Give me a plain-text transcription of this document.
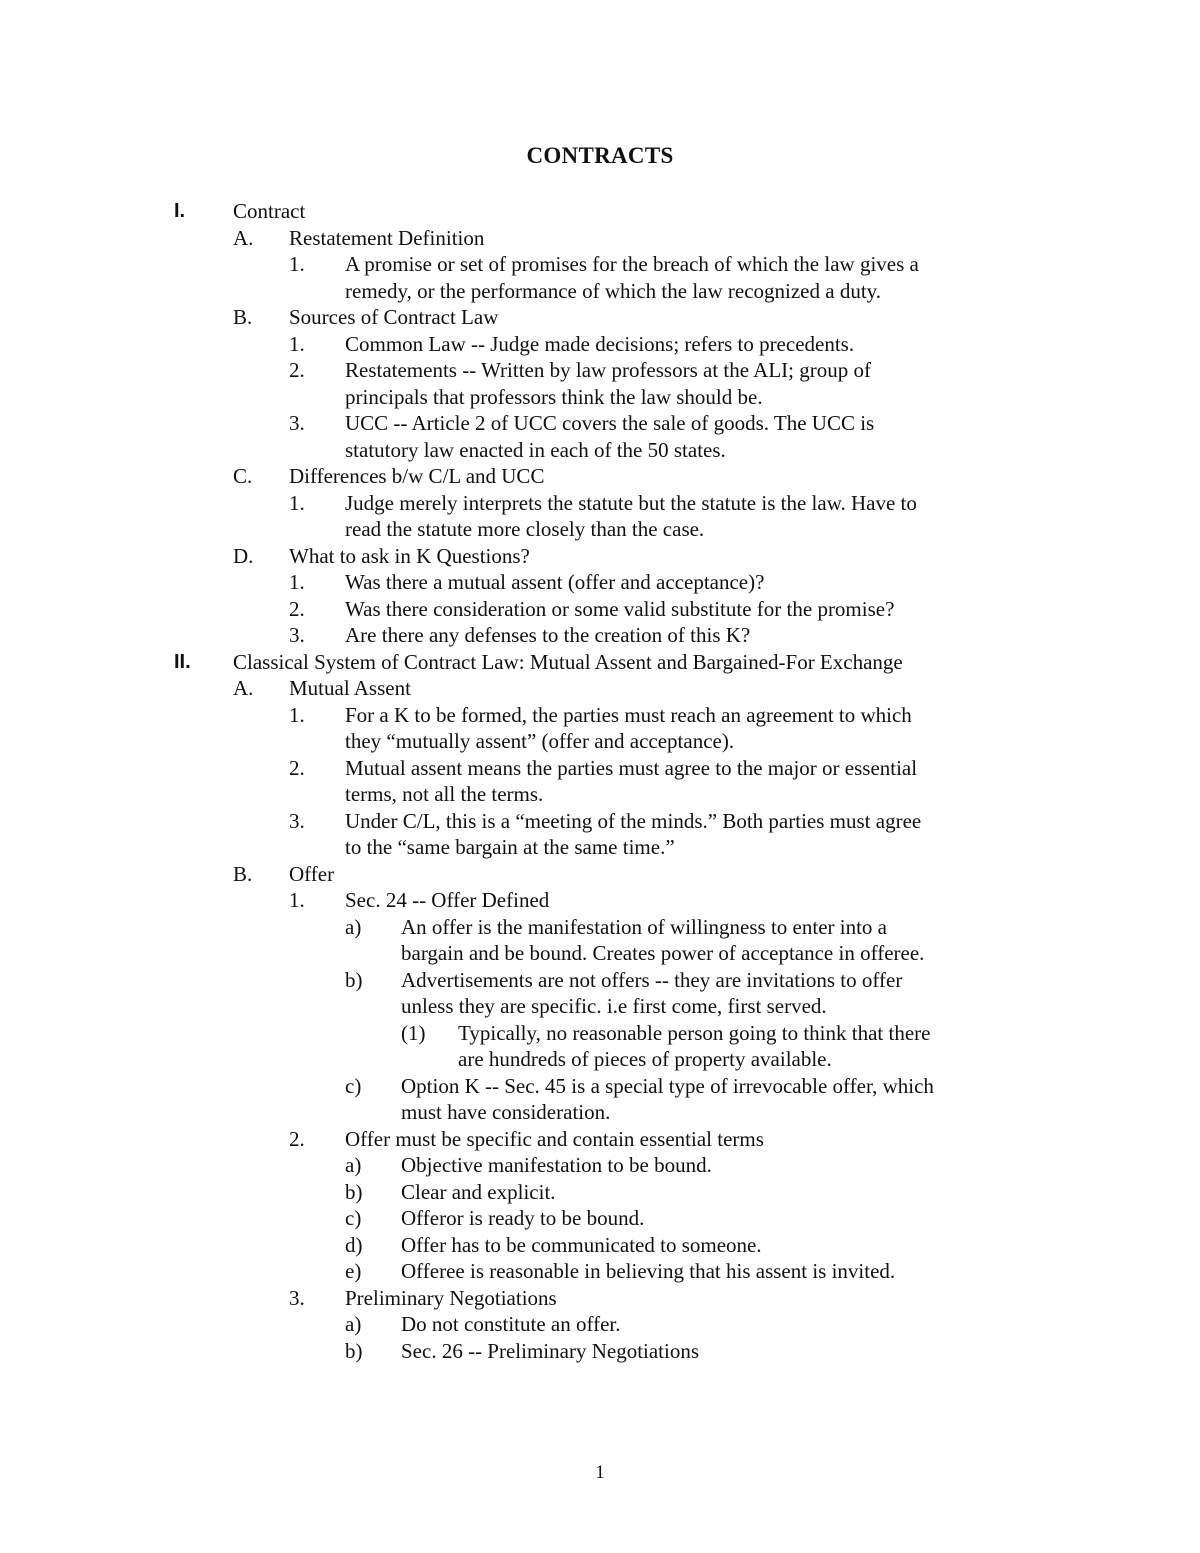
CONTRACTS
I. Contract
A. Restatement Definition
1. A promise or set of promises for the breach of which the law gives a
remedy, or the performance of which the law recognized a duty.
B. Sources of Contract Law
1. Common Law -- Judge made decisions; refers to precedents.
2. Restatements -- Written by law professors at the ALI; group of
principals that professors think the law should be.
3. UCC -- Article 2 of UCC covers the sale of goods. The UCC is
statutory law enacted in each of the 50 states.
C. Differences b/w C/L and UCC
1. Judge merely interprets the statute but the statute is the law. Have to
read the statute more closely than the case.
D. What to ask in K Questions?
1. Was there a mutual assent (offer and acceptance)?
2. Was there consideration or some valid substitute for the promise?
3. Are there any defenses to the creation of this K?
II. Classical System of Contract Law: Mutual Assent and Bargained-For Exchange
A. Mutual Assent
1. For a K to be formed, the parties must reach an agreement to which
they “mutually assent” (offer and acceptance).
2. Mutual assent means the parties must agree to the major or essential
terms, not all the terms.
3. Under C/L, this is a “meeting of the minds.” Both parties must agree
to the “same bargain at the same time.”
B. Offer
1. Sec. 24 -- Offer Defined
a) An offer is the manifestation of willingness to enter into a
bargain and be bound. Creates power of acceptance in offeree.
b) Advertisements are not offers -- they are invitations to offer
unless they are specific. i.e first come, first served.
(1) Typically, no reasonable person going to think that there
are hundreds of pieces of property available.
c) Option K -- Sec. 45 is a special type of irrevocable offer, which
must have consideration.
2. Offer must be specific and contain essential terms
a) Objective manifestation to be bound.
b) Clear and explicit.
c) Offeror is ready to be bound.
d) Offer has to be communicated to someone.
e) Offeree is reasonable in believing that his assent is invited.
3. Preliminary Negotiations
a) Do not constitute an offer.
b) Sec. 26 -- Preliminary Negotiations
1
